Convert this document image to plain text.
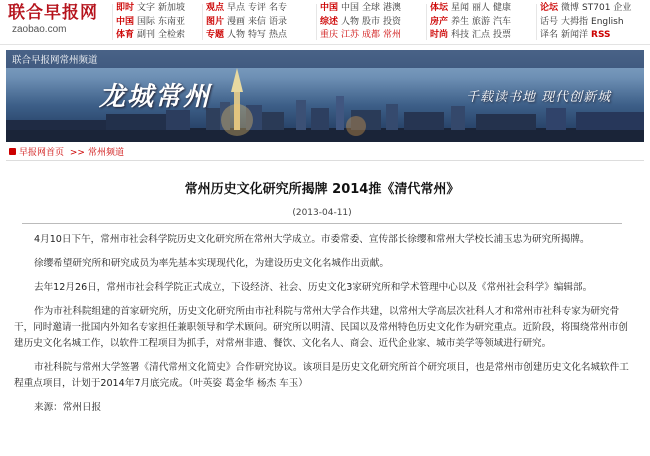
联合早报网
zaobao.com
即时 文字 新加坡
中国 国际 东南亚
体育 副刊 全检索
观点 早点 专评 名专
图片 漫画 来信 语录
专题 人物 特写 热点
中国 中国 全球 港澳
综述 人物 股市 投资
重庆 江苏 成都 常州
体坛 星闻 丽人 健康
房产 养生 旅游 汽车
时尚 科技 汇点 投票
论坛 微博 ST701 企业
话号 大拇指 English
译名 新闻洋 RSS
联合早报网常州频道
龙城常州	千载读书地 现代创新城
早报网首页 >> 常州频道
常州历史文化研究所揭牌 2014推《清代常州》
(2013-04-11)

4月10日下午，常州市社会科学院历史文化研究所在常州大学成立。市委常委、宣传部长徐缨和常州大学校长浦玉忠为研究所揭牌。

徐缨希望研究所和研究成员为率先基本实现现代化，为建设历史文化名城作出贡献。

去年12月26日，常州市社会科学院正式成立，下设经济、社会、历史文化3家研究所和学术管理中心以及《常州社会科学》编辑部。

作为市社科院组建的首家研究所，历史文化研究所由市社科院与常州大学合作共建，以常州大学高层次社科人才和常州市社科专家为研究骨干，同时邀请一批国内外知名专家担任兼职领导和学术顾问。研究所以明清、民国以及常州特色历史文化作为研究重点。近阶段，将围绕常州市创建历史文化名城工作，以软件工程项目为抓手，对常州非遗、餐饮、文化名人、商会、近代企业家、城市美学等领域进行研究。

市社科院与常州大学签署《清代常州文化简史》合作研究协议。该项目是历史文化研究所首个研究项目，也是常州市创建历史文化名城软件工程重点项目，计划于2014年7月底完成。（叶英姿 葛金华 杨杰 车玉）

来源：常州日报
